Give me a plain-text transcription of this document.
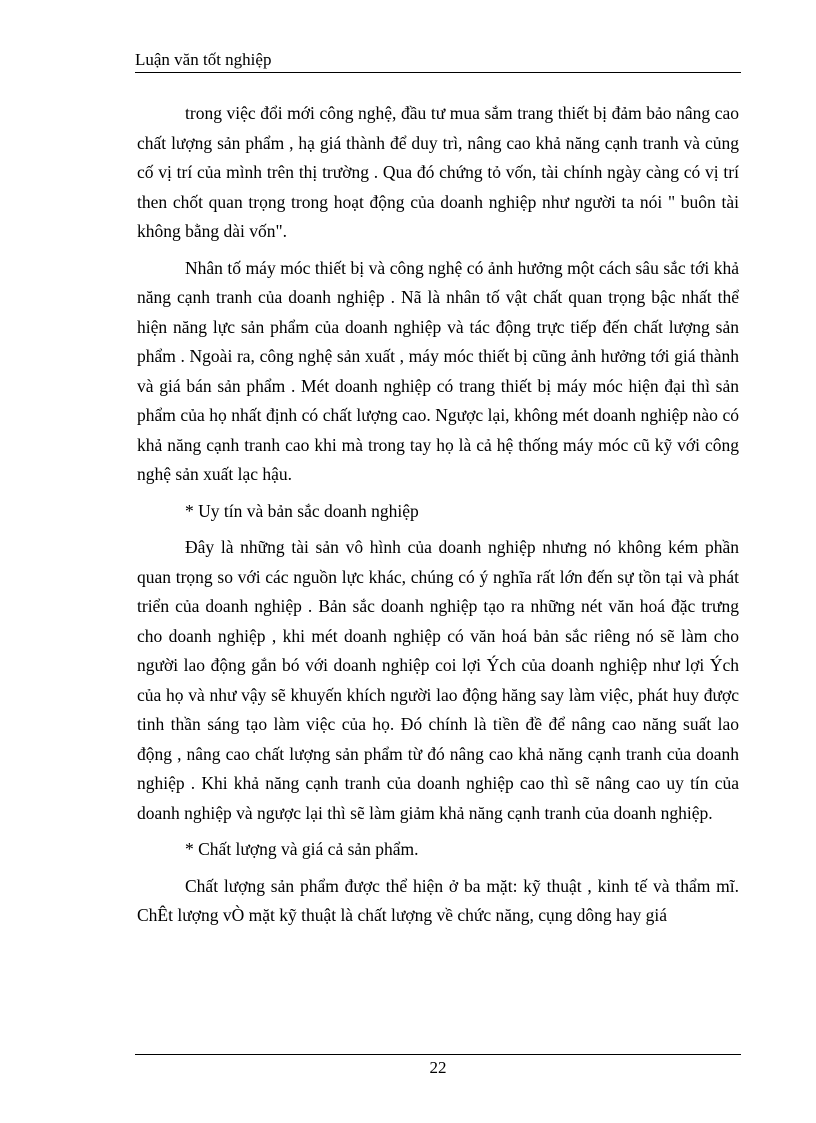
Luận văn tốt nghiệp

trong việc đổi mới công nghệ, đầu tư mua sắm trang thiết bị đảm bảo nâng cao chất lượng sản phẩm , hạ giá thành để duy trì, nâng cao khả năng cạnh tranh và củng cố vị trí của mình trên thị trường . Qua đó chứng tỏ vốn, tài chính ngày càng có vị trí then chốt quan trọng trong hoạt động của doanh nghiệp như người ta nói " buôn tài không bằng dài vốn".

Nhân tố máy móc thiết bị và công nghệ có ảnh hưởng một cách sâu sắc tới khả năng cạnh tranh của doanh nghiệp . Nã là nhân tố vật chất quan trọng bậc nhất thể hiện năng lực sản phẩm của doanh nghiệp và tác động trực tiếp đến chất lượng sản phẩm . Ngoài ra, công nghệ sản xuất , máy móc thiết bị cũng ảnh hưởng tới giá thành và giá bán sản phẩm . Mét doanh nghiệp có trang thiết bị máy móc hiện đại thì sản phẩm của họ nhất định có chất lượng cao. Ngược lại, không mét doanh nghiệp nào có khả năng cạnh tranh cao khi mà trong tay họ là cả hệ thống máy móc cũ kỹ với công nghệ sản xuất lạc hậu.

* Uy tín và bản sắc doanh nghiệp

Đây là những tài sản vô hình của doanh nghiệp nhưng nó không kém phần quan trọng so với các nguồn lực khác, chúng có ý nghĩa rất lớn đến sự tồn tại và phát triển của doanh nghiệp . Bản sắc doanh nghiệp tạo ra những nét văn hoá đặc trưng cho doanh nghiệp , khi mét doanh nghiệp có văn hoá bản sắc riêng nó sẽ làm cho người lao động gắn bó với doanh nghiệp coi lợi Ých của doanh nghiệp như lợi Ých của họ và như vậy sẽ khuyến khích người lao động hăng say làm việc, phát huy được tinh thần sáng tạo làm việc của họ. Đó chính là tiền đề để nâng cao năng suất lao động , nâng cao chất lượng sản phẩm từ đó nâng cao khả năng cạnh tranh của doanh nghiệp . Khi khả năng cạnh tranh của doanh nghiệp cao thì sẽ nâng cao uy tín của doanh nghiệp và ngược lại thì sẽ làm giảm khả năng cạnh tranh của doanh nghiệp.

* Chất lượng và giá cả sản phẩm.

Chất lượng sản phẩm được thể hiện ở ba mặt: kỹ thuật , kinh tế và thẩm mĩ. ChÊt lượng vÒ mặt kỹ thuật là chất lượng về chức năng, cụng dông hay giá

22
